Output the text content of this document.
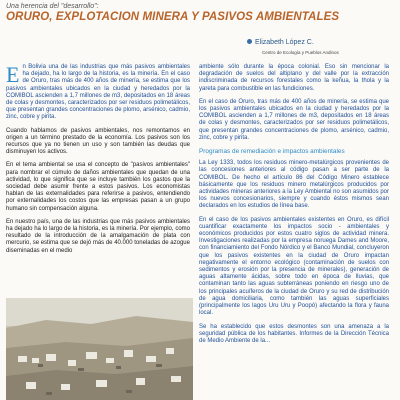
Una herencia del "desarrollo":
ORURO, EXPLOTACION MINERA Y PASIVOS AMBIENTALES
Elizabeth López C.
Centro de Ecología y Pueblos Andinos

En Bolivia una de las industrias que más pasivos ambientales ha dejado, ha lo largo de la historia, es la minería. En el caso de Oruro, tras más de 400 años de minería, se estima que los pasivos ambientales ubicados en la ciudad y heredados por la COMIBOL ascienden a 1,7 millones de m3, depositados en 18 áreas de colas y desmontes, caracterizados por ser residuos polimetálicos, que presentan grandes concentraciones de plomo, arsénico, cadmio, zinc, cobre y pirita.

Cuando hablamos de pasivos ambientales, nos remontamos en origen a un término prestado de la economía. Los pasivos son los recursos que ya no tienen un uso y son también las deudas que disminuyen los activos.

En el tema ambiental se usa el concepto de "pasivos ambientales" para nombrar el cúmulo de daños ambientales que quedan de una actividad, lo que significa que se incluye también los gastos que la sociedad debe asumir frente a estos pasivos. Los economistas hablan de las externalidades para referirse a pasivos, entendiendo por externalidades los costos que las empresas pasan a un grupo humano sin compensación alguna.

En nuestro país, una de las industrias que más pasivos ambientales ha dejado ha lo largo de la historia, es la minería. Por ejemplo, como resultado de la introducción de la amalgamación de plata con mercurio, se estima que se dejó más de 40.000 toneladas de azogue diseminadas en el medio

ambiente sólo durante la época colonial. Eso sin mencionar la degradación de suelos del altiplano y del valle por la extracción indiscriminada de recursos forestales como la keñua, la thola y la yareta para combustible en las fundiciones.

En el caso de Oruro, tras más de 400 años de minería, se estima que los pasivos ambientales ubicados en la ciudad y heredados por la COMIBOL ascienden a 1,7 millones de m3, depositados en 18 áreas de colas y desmontes, caracterizados por ser residuos polimetálicos, que presentan grandes concentraciones de plomo, arsénico, cadmio, zinc, cobre y pirita.

Programas de remediación e impactos ambientales

La Ley 1333, todos los residuos minero-metalúrgicos provenientes de las concesiones anteriores al código pasan a ser parte de la COMIBOL. De hecho el artículo 86 del Código Minero establece básicamente que los residuos minero metalúrgicos producidos por actividades mineras anteriores a la Ley Ambiental no son asumidos por los nuevos concesionarios, siempre y cuando éstos mismos sean declarados en los estudios de línea base.

En el caso de los pasivos ambientales existentes en Oruro, es difícil cuantificar exactamente los impactos socio - ambientales y económicos producidos por estos cuatro siglos de actividad minera. Investigaciones realizadas por la empresa noruega Dames and Moore, con financiamiento del Fondo Nórdico y el Banco Mundial, concluyeron que los pasivos existentes en la ciudad de Oruro impactan negativamente el entorno ecológico (contaminación de suelos con sedimentos y erosión por la presencia de minerales), generación de aguas altamente ácidas, sobre todo en época de lluvias, que contaminan tanto las aguas subterráneas poniendo en riesgo uno de los principales acuíferos de la ciudad de Oruro y su red de distribución de agua domiciliaria, como también las aguas superficiales (principalmente los lagos Uru Uru y Poopó) afectando la flora y fauna local.

Se ha establecido que estos desmontes son una amenaza a la seguridad pública de los habitantes. Informes de la Dirección Técnica de Medio Ambiente de la...
